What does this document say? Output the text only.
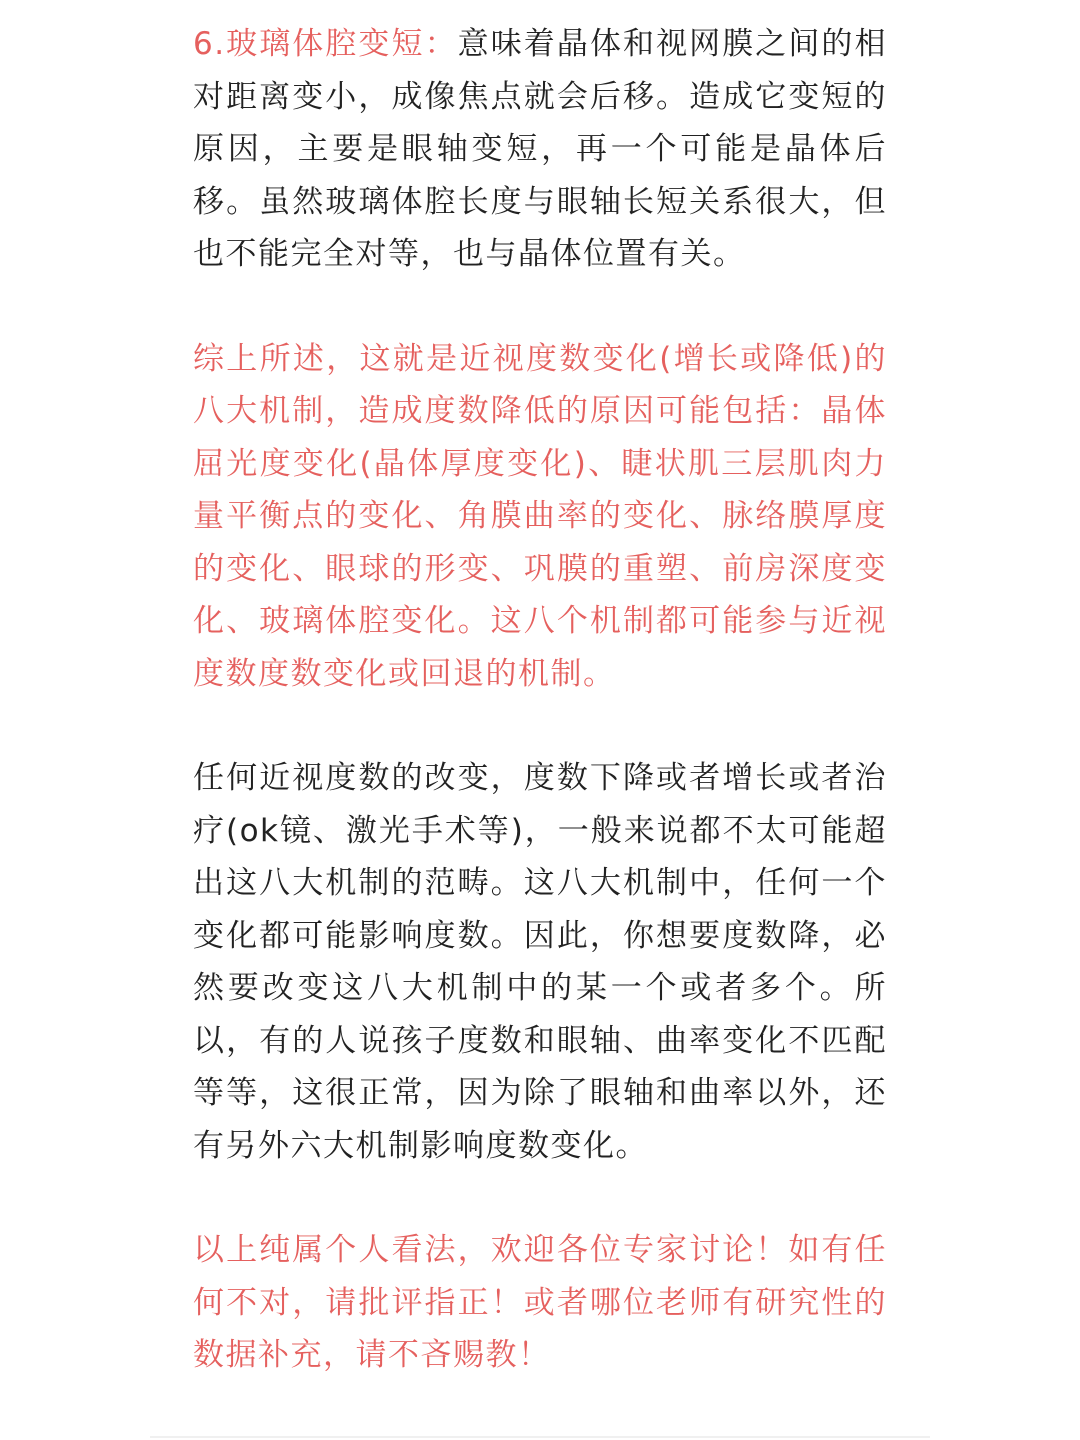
6.玻璃体腔变短：意味着晶体和视网膜之间的相对距离变小，成像焦点就会后移。造成它变短的原因，主要是眼轴变短，再一个可能是晶体后移。虽然玻璃体腔长度与眼轴长短关系很大，但也不能完全对等，也与晶体位置有关。

综上所述，这就是近视度数变化(增长或降低)的八大机制，造成度数降低的原因可能包括：晶体屈光度变化(晶体厚度变化)、睫状肌三层肌肉力量平衡点的变化、角膜曲率的变化、脉络膜厚度的变化、眼球的形变、巩膜的重塑、前房深度变化、玻璃体腔变化。这八个机制都可能参与近视度数度数变化或回退的机制。

任何近视度数的改变，度数下降或者增长或者治疗(ok镜、激光手术等)，一般来说都不太可能超出这八大机制的范畴。这八大机制中，任何一个变化都可能影响度数。因此，你想要度数降，必然要改变这八大机制中的某一个或者多个。所以，有的人说孩子度数和眼轴、曲率变化不匹配等等，这很正常，因为除了眼轴和曲率以外，还有另外六大机制影响度数变化。

以上纯属个人看法，欢迎各位专家讨论！如有任何不对，请批评指正！或者哪位老师有研究性的数据补充，请不吝赐教！
